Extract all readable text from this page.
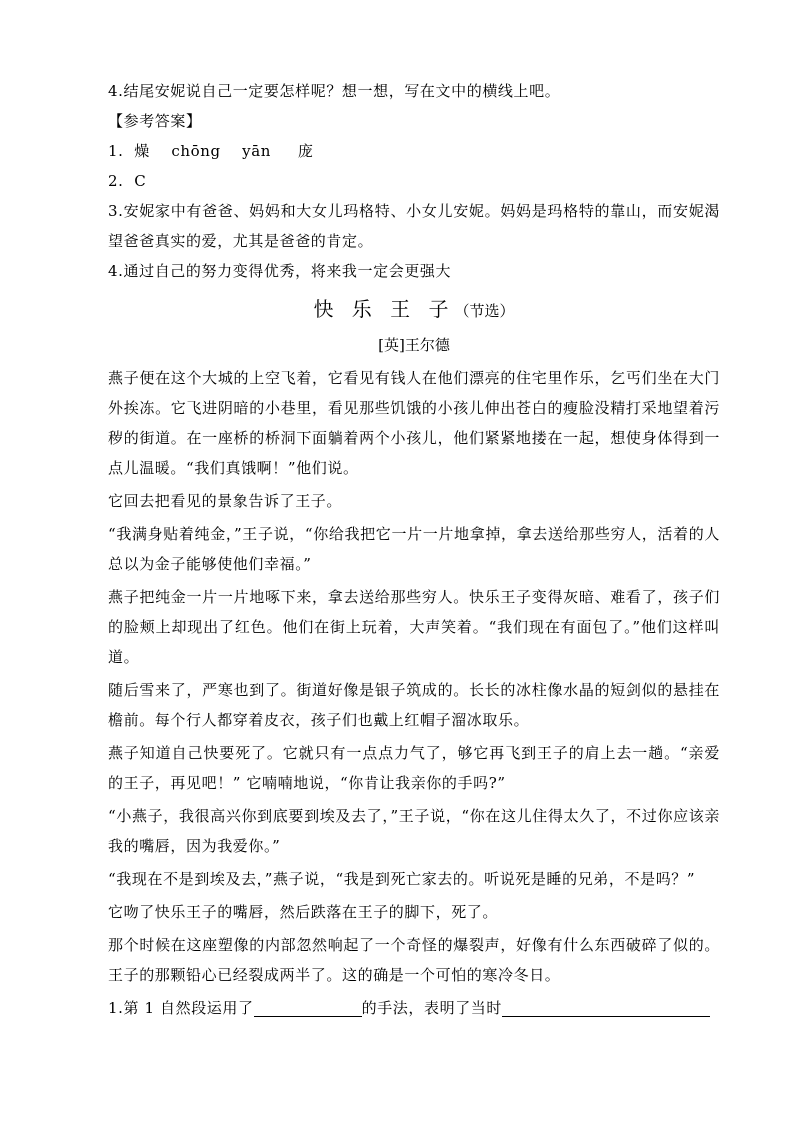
4.结尾安妮说自己一定要怎样呢？想一想，写在文中的横线上吧。

【参考答案】

1.  燥    chōng    yān     庞

2.  C

3.安妮家中有爸爸、妈妈和大女儿玛格特、小女儿安妮。妈妈是玛格特的靠山，而安妮渴望爸爸真实的爱，尤其是爸爸的肯定。

4.通过自己的努力变得优秀，将来我一定会更强大

快 乐 王 子（节选）

[英]王尔德

燕子便在这个大城的上空飞着，它看见有钱人在他们漂亮的住宅里作乐，乞丐们坐在大门外挨冻。它飞进阴暗的小巷里，看见那些饥饿的小孩儿伸出苍白的瘦脸没精打采地望着污秽的街道。在一座桥的桥洞下面躺着两个小孩儿，他们紧紧地搂在一起，想使身体得到一点儿温暖。“我们真饿啊！”他们说。

它回去把看见的景象告诉了王子。

“我满身贴着纯金，”王子说，“你给我把它一片一片地拿掉，拿去送给那些穷人，活着的人总以为金子能够使他们幸福。”

燕子把纯金一片一片地啄下来，拿去送给那些穷人。快乐王子变得灰暗、难看了，孩子们的脸颊上却现出了红色。他们在街上玩着，大声笑着。“我们现在有面包了。”他们这样叫道。

随后雪来了，严寒也到了。街道好像是银子筑成的。长长的冰柱像水晶的短剑似的悬挂在檐前。每个行人都穿着皮衣，孩子们也戴上红帽子溜冰取乐。

燕子知道自己快要死了。它就只有一点点力气了，够它再飞到王子的肩上去一趟。“亲爱的王子，再见吧！” 它喃喃地说，“你肯让我亲你的手吗?”

“小燕子，我很高兴你到底要到埃及去了，”王子说，“你在这儿住得太久了，不过你应该亲我的嘴唇，因为我爱你。”

“我现在不是到埃及去，”燕子说，“我是到死亡家去的。听说死是睡的兄弟，不是吗？”

它吻了快乐王子的嘴唇，然后跌落在王子的脚下，死了。

那个时候在这座塑像的内部忽然响起了一个奇怪的爆裂声，好像有什么东西破碎了似的。王子的那颗铅心已经裂成两半了。这的确是一个可怕的寒冷冬日。

1.第 1 自然段运用了	的手法，表明了当时
